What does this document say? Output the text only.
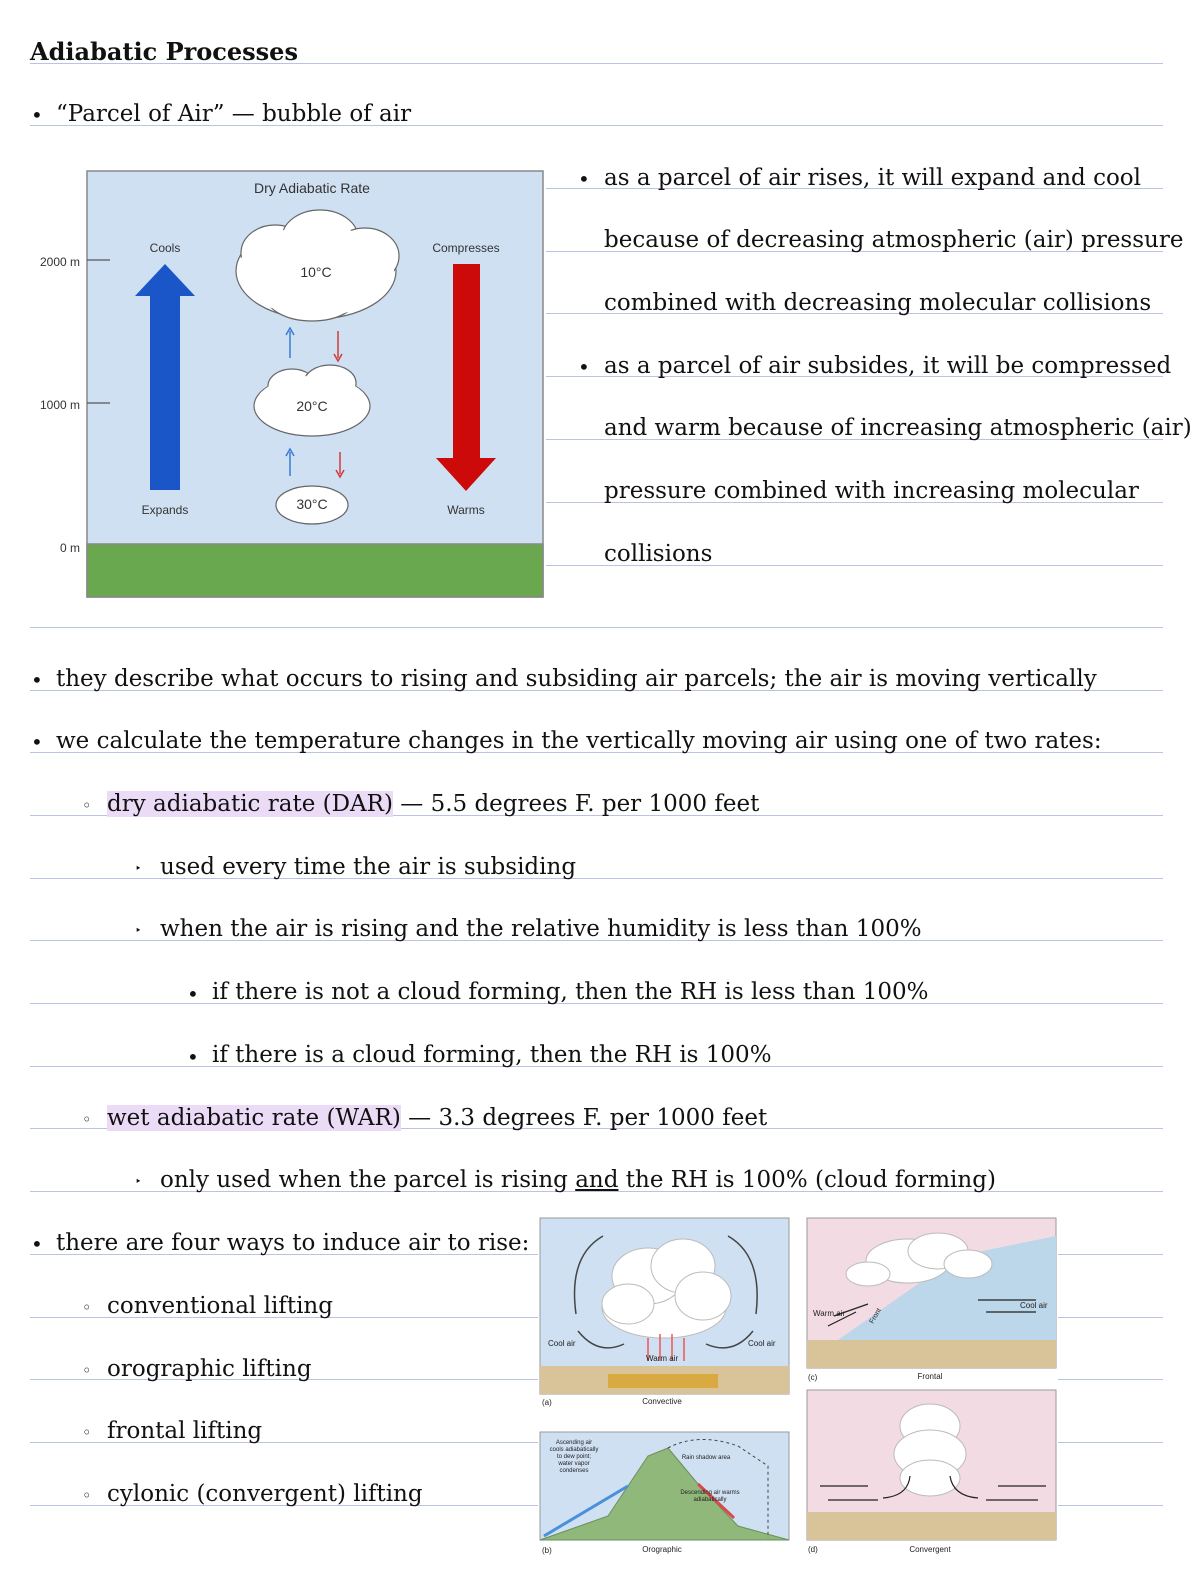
Adiabatic Processes
• “Parcel of Air” — bubble of air
Dry Adiabatic Rate
2000 m
1000 m
0 m
Cools
Expands
Compresses
Warms
10°C
20°C
30°C
• as a parcel of air rises, it will expand and cool
because of decreasing atmospheric (air) pressure
combined with decreasing molecular collisions
• as a parcel of air subsides, it will be compressed
and warm because of increasing atmospheric (air)
pressure combined with increasing molecular
collisions
• they describe what occurs to rising and subsiding air parcels; the air is moving vertically
• we calculate the temperature changes in the vertically moving air using one of two rates:
◦ dry adiabatic rate (DAR) — 5.5 degrees F. per 1000 feet
‣ used every time the air is subsiding
‣ when the air is rising and the relative humidity is less than 100%
• if there is not a cloud forming, then the RH is less than 100%
• if there is a cloud forming, then the RH is 100%
◦ wet adiabatic rate (WAR) — 3.3 degrees F. per 1000 feet
‣ only used when the parcel is rising and the RH is 100% (cloud forming)
• there are four ways to induce air to rise:
◦ conventional lifting
◦ orographic lifting
◦ frontal lifting
◦ cylonic (convergent) lifting
Cool air	Cool air
Warm air
(a)	Convective
Warm air	Front
Cool air
(c)	Frontal
Ascending air
cools adiabatically
to dew point;
water vapor
condenses
Rain shadow area
Descending air warms
adiabatically
(b)	Orographic	(d)	Convergent
